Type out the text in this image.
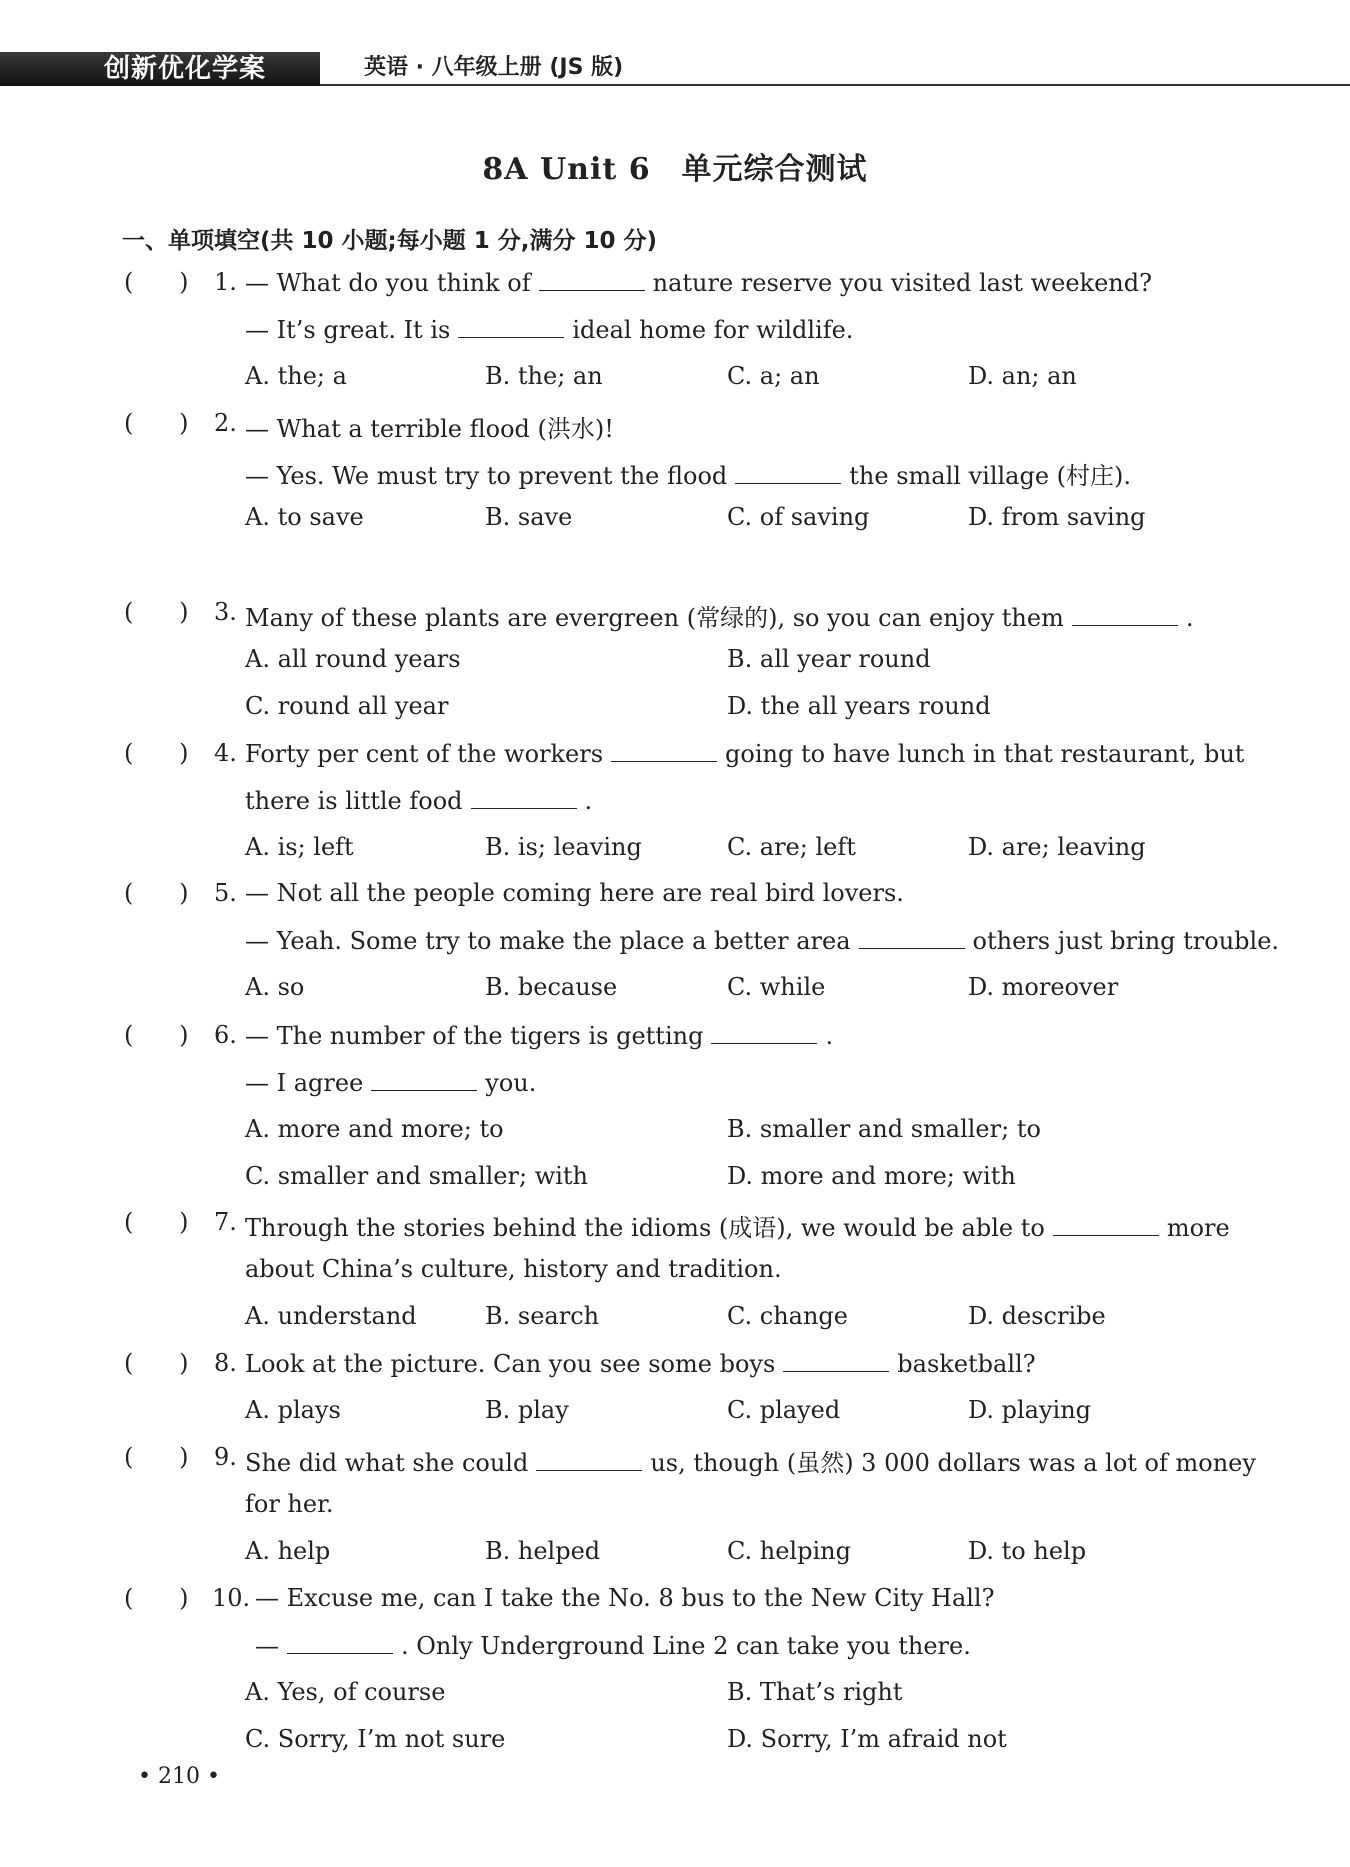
创新优化学案	英语 · 八年级上册 (JS 版)
8A Unit 6　单元综合测试
一、单项填空(共 10 小题;每小题 1 分,满分 10 分)
(      ) 1. — What do you think of	nature reserve you visited last weekend?
— It’s great. It is	ideal home for wildlife.
A. the; a	B. the; an	C. a; an	D. an; an
(      ) 2. — What a terrible flood (洪水)!
— Yes. We must try to prevent the flood	the small village (村庄).
A. to save	B. save	C. of saving	D. from saving
(      ) 3. Many of these plants are evergreen (常绿的), so you can enjoy them	.
A. all round years	B. all year round
C. round all year	D. the all years round
(      ) 4. Forty per cent of the workers	going to have lunch in that restaurant, but
there is little food	.
A. is; left	B. is; leaving	C. are; left	D. are; leaving
(      ) 5. — Not all the people coming here are real bird lovers.
— Yeah. Some try to make the place a better area	others just bring trouble.
A. so	B. because	C. while	D. moreover
(      ) 6. — The number of the tigers is getting	.
— I agree	you.
A. more and more; to	B. smaller and smaller; to
C. smaller and smaller; with	D. more and more; with
(      ) 7. Through the stories behind the idioms (成语), we would be able to	more
about China’s culture, history and tradition.
A. understand	B. search	C. change	D. describe
(      ) 8. Look at the picture. Can you see some boys	basketball?
A. plays	B. play	C. played	D. playing
(      ) 9. She did what she could	us, though (虽然) 3 000 dollars was a lot of money
for her.
A. help	B. helped	C. helping	D. to help
(      ) 10. — Excuse me, can I take the No. 8 bus to the New City Hall?
—	. Only Underground Line 2 can take you there.
A. Yes, of course	B. That’s right
C. Sorry, I’m not sure	D. Sorry, I’m afraid not
• 210 •
